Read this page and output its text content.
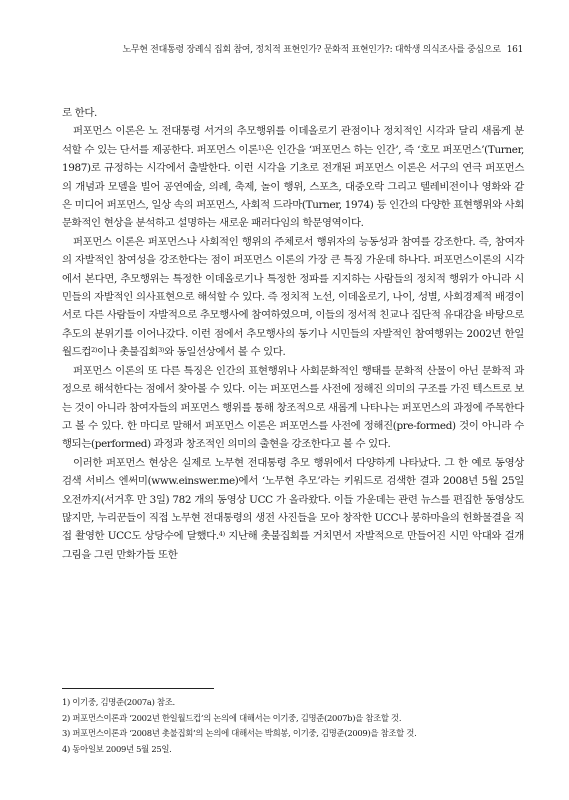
노무현 전대통령 장례식 집회 참여, 정치적 표현인가? 문화적 표현인가?: 대학생 의식조사를 중심으로 161

로 한다.

퍼포먼스 이론은 노 전대통령 서거의 추모행위를 이데올로기 관점이나 정치적인 시각과 달리 새롭게 분석할 수 있는 단서를 제공한다. 퍼포먼스 이론$^{1)}$은 인간을 ‘퍼포먼스 하는 인간’, 즉 ‘호모 퍼포먼스’(Turner, 1987)로 규정하는 시각에서 출발한다. 이런 시각을 기초로 전개된 퍼포먼스 이론은 서구의 연극 퍼포먼스의 개념과 모델을 빌어 공연예술, 의례, 축제, 놀이 행위, 스포츠, 대중오락 그리고 텔레비전이나 영화와 같은 미디어 퍼포먼스, 일상 속의 퍼포먼스, 사회적 드라마(Turner, 1974) 등 인간의 다양한 표현행위와 사회문화적인 현상을 분석하고 설명하는 새로운 패러다임의 학문영역이다.

퍼포먼스 이론은 퍼포먼스나 사회적인 행위의 주체로서 행위자의 능동성과 참여를 강조한다. 즉, 참여자의 자발적인 참여성을 강조한다는 점이 퍼포먼스 이론의 가장 큰 특징 가운데 하나다. 퍼포먼스이론의 시각에서 본다면, 추모행위는 특정한 이데올로기나 특정한 정파를 지지하는 사람들의 정치적 행위가 아니라 시민들의 자발적인 의사표현으로 해석할 수 있다. 즉 정치적 노선, 이데올로기, 나이, 성별, 사회경제적 배경이 서로 다른 사람들이 자발적으로 추모행사에 참여하였으며, 이들의 정서적 친교나 집단적 유대감을 바탕으로 추도의 분위기를 이어나갔다. 이런 점에서 추모행사의 동기나 시민들의 자발적인 참여행위는 2002년 한일월드컵$^{2)}$이나 촛불집회$^{3)}$와 동일선상에서 볼 수 있다.

퍼포먼스 이론의 또 다른 특징은 인간의 표현행위나 사회문화적인 행태를 문화적 산물이 아닌 문화적 과정으로 해석한다는 점에서 찾아볼 수 있다. 이는 퍼포먼스를 사전에 정해진 의미의 구조를 가진 텍스트로 보는 것이 아니라 참여자들의 퍼포먼스 행위를 통해 창조적으로 새롭게 나타나는 퍼포먼스의 과정에 주목한다고 볼 수 있다. 한 마디로 말해서 퍼포먼스 이론은 퍼포먼스를 사전에 정해진(pre-formed) 것이 아니라 수행되는(performed) 과정과 창조적인 의미의 출현을 강조한다고 볼 수 있다.

이러한 퍼포먼스 현상은 실제로 노무현 전대통령 추모 행위에서 다양하게 나타났다. 그 한 예로 동영상 검색 서비스 엔써미(www.einswer.me)에서 ‘노무현 추모’라는 키워드로 검색한 결과 2008년 5월 25일 오전까지(서거후 만 3일) 782 개의 동영상 UCC 가 올라왔다. 이들 가운데는 관련 뉴스를 편집한 동영상도 많지만, 누리꾼들이 직접 노무현 전대통령의 생전 사진들을 모아 창작한 UCC나 봉하마을의 헌화물결을 직접 촬영한 UCC도 상당수에 달했다.$^{4)}$ 지난해 촛불집회를 거치면서 자발적으로 만들어진 시민 악대와 걸개그림을 그린 만화가들 또한

1) 이기중, 김명준(2007a) 참조.

2) 퍼포먼스이론과 ‘2002년 한일월드컵’의 논의에 대해서는 이기중, 김명준(2007b)을 참조할 것.

3) 퍼포먼스이론과 ‘2008년 촛불집회’의 논의에 대해서는 박희봉, 이기중, 김명준(2009)을 참조할 것.

4) 동아일보 2009년 5월 25일.
